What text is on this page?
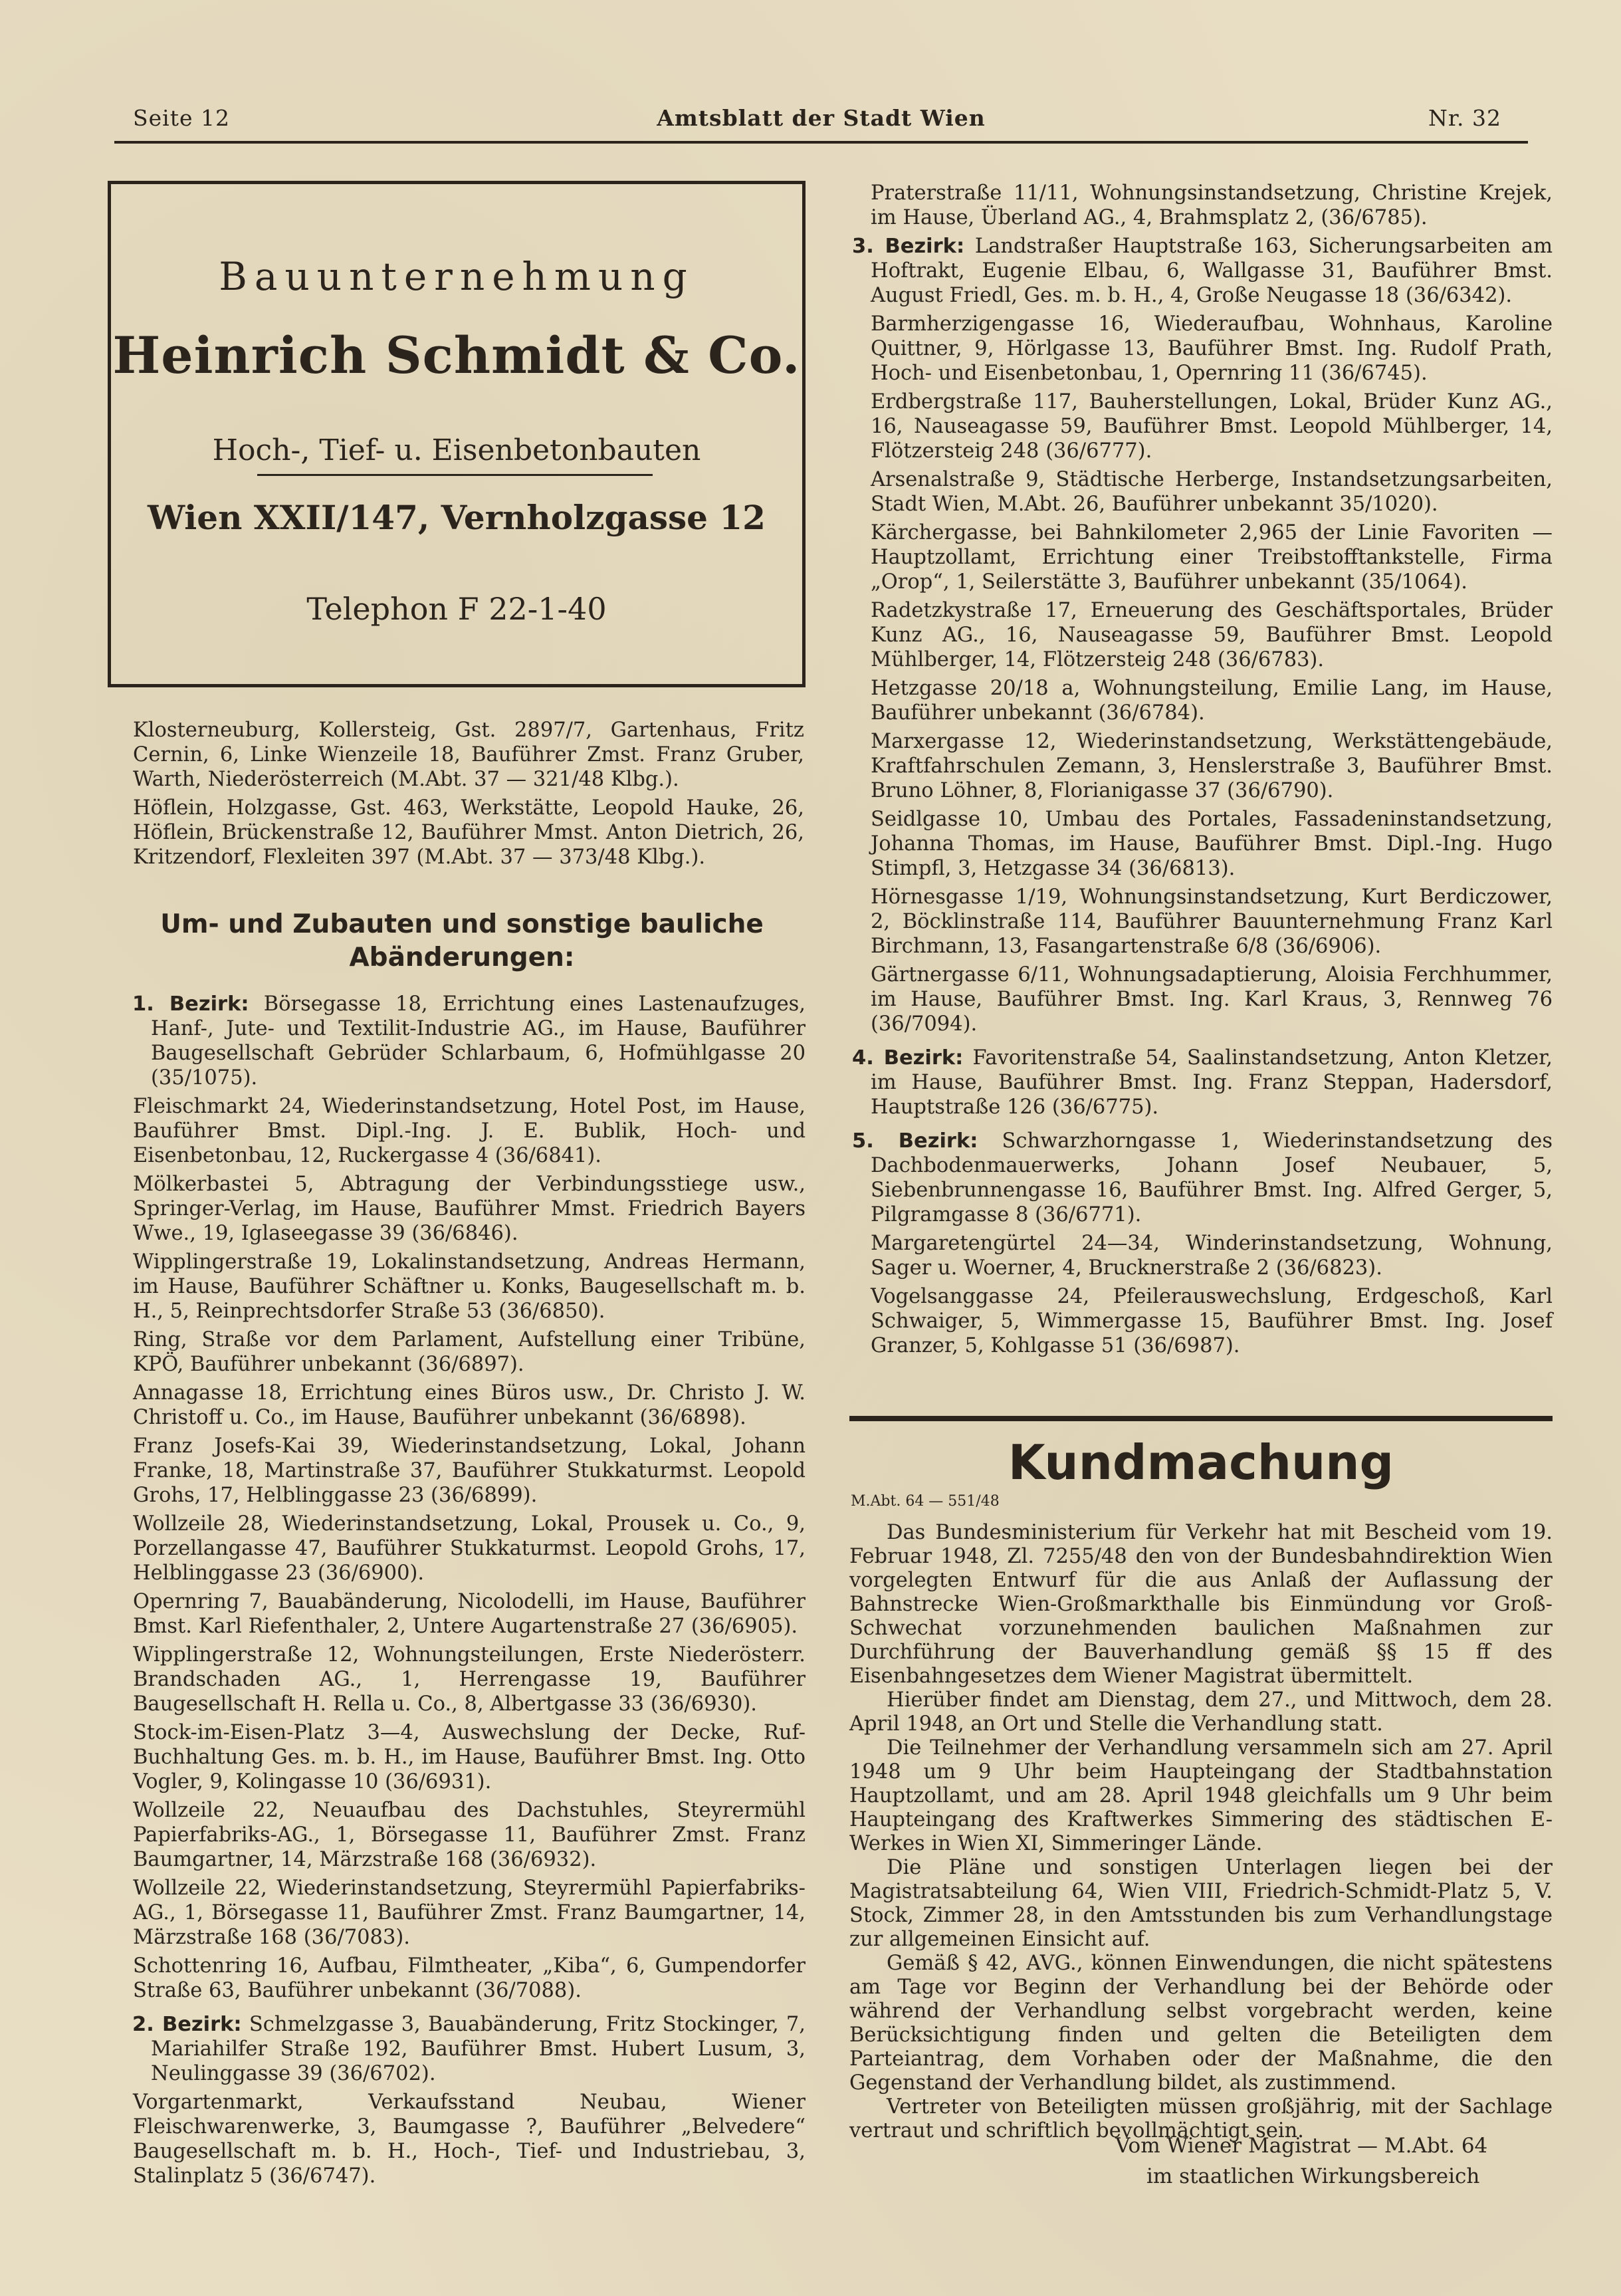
Seite 12	Amtsblatt der Stadt Wien	Nr. 32
Bauunternehmung
Heinrich Schmidt & Co.
Hoch-, Tief- u. Eisenbetonbauten
Wien XXII/147, Vernholzgasse 12
Telephon F 22-1-40
Klosterneuburg, Kollersteig, Gst. 2897/7, Gartenhaus, Fritz Cernin, 6, Linke Wienzeile 18, Bauführer Zmst. Franz Gruber, Warth, Niederösterreich (M.Abt. 37 — 321/48 Klbg.).
Höflein, Holzgasse, Gst. 463, Werkstätte, Leopold Hauke, 26, Höflein, Brückenstraße 12, Bauführer Mmst. Anton Dietrich, 26, Kritzendorf, Flexleiten 397 (M.Abt. 37 — 373/48 Klbg.).
Um- und Zubauten und sonstige bauliche Abänderungen:
1. Bezirk: Börsegasse 18, Errichtung eines Lastenaufzuges, Hanf-, Jute- und Textilit-Industrie AG., im Hause, Bauführer Baugesellschaft Gebrüder Schlarbaum, 6, Hofmühlgasse 20 (35/1075).
Fleischmarkt 24, Wiederinstandsetzung, Hotel Post, im Hause, Bauführer Bmst. Dipl.-Ing. J. E. Bublik, Hoch- und Eisenbetonbau, 12, Ruckergasse 4 (36/6841).
Mölkerbastei 5, Abtragung der Verbindungsstiege usw., Springer-Verlag, im Hause, Bauführer Mmst. Friedrich Bayers Wwe., 19, Iglaseegasse 39 (36/6846).
Wipplingerstraße 19, Lokalinstandsetzung, Andreas Hermann, im Hause, Bauführer Schäftner u. Konks, Baugesellschaft m. b. H., 5, Reinprechtsdorfer Straße 53 (36/6850).
Ring, Straße vor dem Parlament, Aufstellung einer Tribüne, KPÖ, Bauführer unbekannt (36/6897).
Annagasse 18, Errichtung eines Büros usw., Dr. Christo J. W. Christoff u. Co., im Hause, Bauführer unbekannt (36/6898).
Franz Josefs-Kai 39, Wiederinstandsetzung, Lokal, Johann Franke, 18, Martinstraße 37, Bauführer Stukkaturmst. Leopold Grohs, 17, Helblinggasse 23 (36/6899).
Wollzeile 28, Wiederinstandsetzung, Lokal, Prousek u. Co., 9, Porzellangasse 47, Bauführer Stukkaturmst. Leopold Grohs, 17, Helblinggasse 23 (36/6900).
Opernring 7, Bauabänderung, Nicolodelli, im Hause, Bauführer Bmst. Karl Riefenthaler, 2, Untere Augartenstraße 27 (36/6905).
Wipplingerstraße 12, Wohnungsteilungen, Erste Niederösterr. Brandschaden AG., 1, Herrengasse 19, Bauführer Baugesellschaft H. Rella u. Co., 8, Albertgasse 33 (36/6930).
Stock-im-Eisen-Platz 3—4, Auswechslung der Decke, Ruf-Buchhaltung Ges. m. b. H., im Hause, Bauführer Bmst. Ing. Otto Vogler, 9, Kolingasse 10 (36/6931).
Wollzeile 22, Neuaufbau des Dachstuhles, Steyrermühl Papierfabriks-AG., 1, Börsegasse 11, Bauführer Zmst. Franz Baumgartner, 14, Märzstraße 168 (36/6932).
Wollzeile 22, Wiederinstandsetzung, Steyrermühl Papierfabriks-AG., 1, Börsegasse 11, Bauführer Zmst. Franz Baumgartner, 14, Märzstraße 168 (36/7083).
Schottenring 16, Aufbau, Filmtheater, „Kiba“, 6, Gumpendorfer Straße 63, Bauführer unbekannt (36/7088).
2. Bezirk: Schmelzgasse 3, Bauabänderung, Fritz Stockinger, 7, Mariahilfer Straße 192, Bauführer Bmst. Hubert Lusum, 3, Neulinggasse 39 (36/6702).
Vorgartenmarkt, Verkaufsstand Neubau, Wiener Fleischwarenwerke, 3, Baumgasse ?, Bauführer „Belvedere“ Baugesellschaft m. b. H., Hoch-, Tief- und Industriebau, 3, Stalinplatz 5 (36/6747).
Praterstraße 11/11, Wohnungsinstandsetzung, Christine Krejek, im Hause, Überland AG., 4, Brahmsplatz 2, (36/6785).
3. Bezirk: Landstraßer Hauptstraße 163, Sicherungsarbeiten am Hoftrakt, Eugenie Elbau, 6, Wallgasse 31, Bauführer Bmst. August Friedl, Ges. m. b. H., 4, Große Neugasse 18 (36/6342).
Barmherzigengasse 16, Wiederaufbau, Wohnhaus, Karoline Quittner, 9, Hörlgasse 13, Bauführer Bmst. Ing. Rudolf Prath, Hoch- und Eisenbetonbau, 1, Opernring 11 (36/6745).
Erdbergstraße 117, Bauherstellungen, Lokal, Brüder Kunz AG., 16, Nauseagasse 59, Bauführer Bmst. Leopold Mühlberger, 14, Flötzersteig 248 (36/6777).
Arsenalstraße 9, Städtische Herberge, Instandsetzungsarbeiten, Stadt Wien, M.Abt. 26, Bauführer unbekannt 35/1020).
Kärchergasse, bei Bahnkilometer 2,965 der Linie Favoriten —Hauptzollamt, Errichtung einer Treibstofftankstelle, Firma „Orop“, 1, Seilerstätte 3, Bauführer unbekannt (35/1064).
Radetzkystraße 17, Erneuerung des Geschäftsportales, Brüder Kunz AG., 16, Nauseagasse 59, Bauführer Bmst. Leopold Mühlberger, 14, Flötzersteig 248 (36/6783).
Hetzgasse 20/18 a, Wohnungsteilung, Emilie Lang, im Hause, Bauführer unbekannt (36/6784).
Marxergasse 12, Wiederinstandsetzung, Werkstättengebäude, Kraftfahrschulen Zemann, 3, Henslerstraße 3, Bauführer Bmst. Bruno Löhner, 8, Florianigasse 37 (36/6790).
Seidlgasse 10, Umbau des Portales, Fassadeninstandsetzung, Johanna Thomas, im Hause, Bauführer Bmst. Dipl.-Ing. Hugo Stimpfl, 3, Hetzgasse 34 (36/6813).
Hörnesgasse 1/19, Wohnungsinstandsetzung, Kurt Berdiczower, 2, Böcklinstraße 114, Bauführer Bauunternehmung Franz Karl Birchmann, 13, Fasangartenstraße 6/8 (36/6906).
Gärtnergasse 6/11, Wohnungsadaptierung, Aloisia Ferchhummer, im Hause, Bauführer Bmst. Ing. Karl Kraus, 3, Rennweg 76 (36/7094).
4. Bezirk: Favoritenstraße 54, Saalinstandsetzung, Anton Kletzer, im Hause, Bauführer Bmst. Ing. Franz Steppan, Hadersdorf, Hauptstraße 126 (36/6775).
5. Bezirk: Schwarzhorngasse 1, Wiederinstandsetzung des Dachbodenmauerwerks, Johann Josef Neubauer, 5, Siebenbrunnengasse 16, Bauführer Bmst. Ing. Alfred Gerger, 5, Pilgramgasse 8 (36/6771).
Margaretengürtel 24—34, Winderinstandsetzung, Wohnung, Sager u. Woerner, 4, Brucknerstraße 2 (36/6823).
Vogelsanggasse 24, Pfeilerauswechslung, Erdgeschoß, Karl Schwaiger, 5, Wimmergasse 15, Bauführer Bmst. Ing. Josef Granzer, 5, Kohlgasse 51 (36/6987).
Kundmachung
M.Abt. 64 — 551/48
Das Bundesministerium für Verkehr hat mit Bescheid vom 19. Februar 1948, Zl. 7255/48 den von der Bundesbahndirektion Wien vorgelegten Entwurf für die aus Anlaß der Auflassung der Bahnstrecke Wien-Großmarkthalle bis Einmündung vor Groß-Schwechat vorzunehmenden baulichen Maßnahmen zur Durchführung der Bauverhandlung gemäß §§ 15 ff des Eisenbahngesetzes dem Wiener Magistrat übermittelt.
Hierüber findet am Dienstag, dem 27., und Mittwoch, dem 28. April 1948, an Ort und Stelle die Verhandlung statt.
Die Teilnehmer der Verhandlung versammeln sich am 27. April 1948 um 9 Uhr beim Haupteingang der Stadtbahnstation Hauptzollamt, und am 28. April 1948 gleichfalls um 9 Uhr beim Haupteingang des Kraftwerkes Simmering des städtischen E-Werkes in Wien XI, Simmeringer Lände.
Die Pläne und sonstigen Unterlagen liegen bei der Magistratsabteilung 64, Wien VIII, Friedrich-Schmidt-Platz 5, V. Stock, Zimmer 28, in den Amtsstunden bis zum Verhandlungstage zur allgemeinen Einsicht auf.
Gemäß § 42, AVG., können Einwendungen, die nicht spätestens am Tage vor Beginn der Verhandlung bei der Behörde oder während der Verhandlung selbst vorgebracht werden, keine Berücksichtigung finden und gelten die Beteiligten dem Parteiantrag, dem Vorhaben oder der Maßnahme, die den Gegenstand der Verhandlung bildet, als zustimmend.
Vertreter von Beteiligten müssen großjährig, mit der Sachlage vertraut und schriftlich bevollmächtigt sein.
Vom Wiener Magistrat — M.Abt. 64
im staatlichen Wirkungsbereich
